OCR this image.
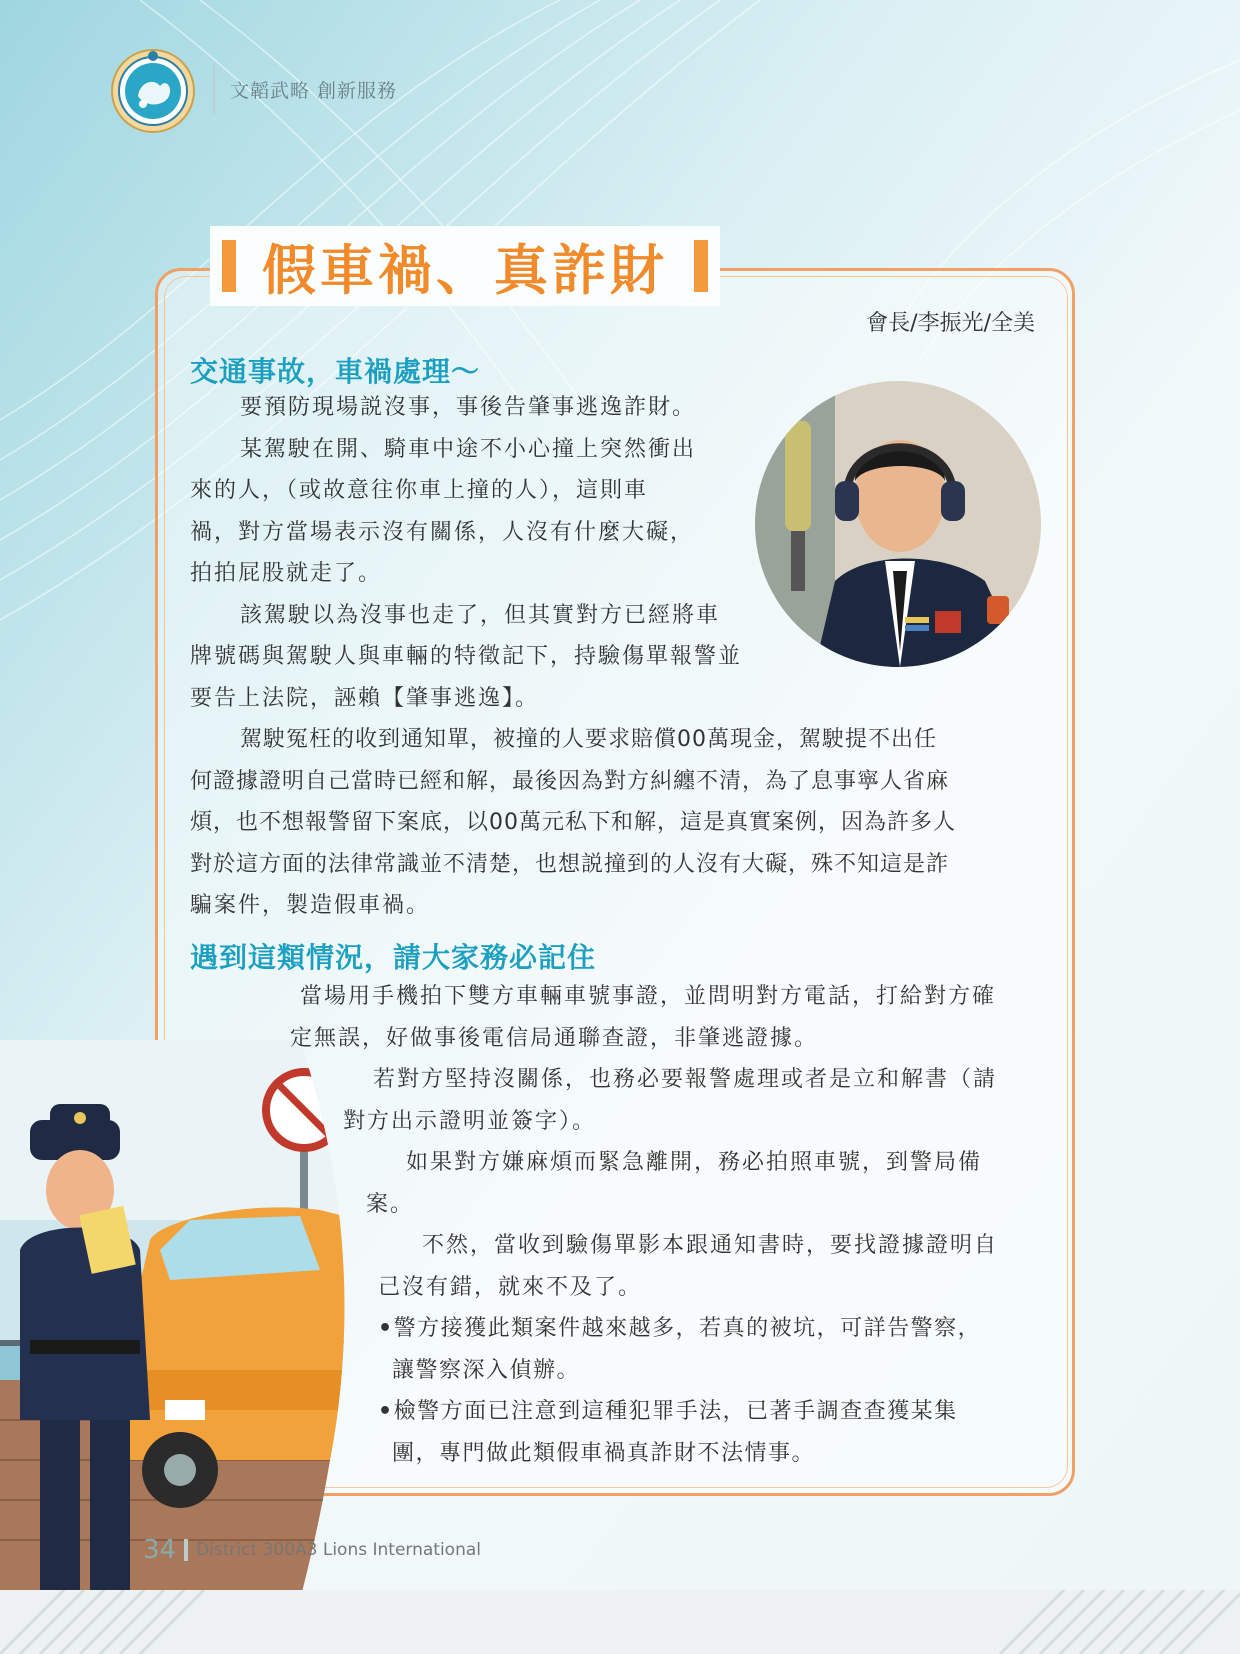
文韜武略 創新服務
假車禍、真詐財
會長/李振光/全美
交通事故，車禍處理～

要預防現場説沒事，事後告肇事逃逸詐財。

某駕駛在開、騎車中途不小心撞上突然衝出

來的人，（或故意往你車上撞的人），這則車

禍，對方當場表示沒有關係，人沒有什麼大礙，

拍拍屁股就走了。

該駕駛以為沒事也走了，但其實對方已經將車

牌號碼與駕駛人與車輛的特徵記下，持驗傷單報警並

要告上法院，誣賴【肇事逃逸】。

駕駛冤枉的收到通知單，被撞的人要求賠償00萬現金，駕駛提不出任

何證據證明自己當時已經和解，最後因為對方糾纏不清，為了息事寧人省麻

煩，也不想報警留下案底，以00萬元私下和解，這是真實案例，因為許多人

對於這方面的法律常識並不清楚，也想説撞到的人沒有大礙，殊不知這是詐

騙案件，製造假車禍。

遇到這類情況，請大家務必記住

當場用手機拍下雙方車輛車號事證，並問明對方電話，打給對方確

定無誤，好做事後電信局通聯查證，非肇逃證據。

若對方堅持沒關係，也務必要報警處理或者是立和解書（請

對方出示證明並簽字）。

如果對方嫌麻煩而緊急離開，務必拍照車號，到警局備

案。

不然，當收到驗傷單影本跟通知書時，要找證據證明自

己沒有錯，就來不及了。

•警方接獲此類案件越來越多，若真的被坑，可詳告警察，

讓警察深入偵辦。

•檢警方面已注意到這種犯罪手法，已著手調查查獲某集

團，專門做此類假車禍真詐財不法情事。

34 District 300A3 Lions International
